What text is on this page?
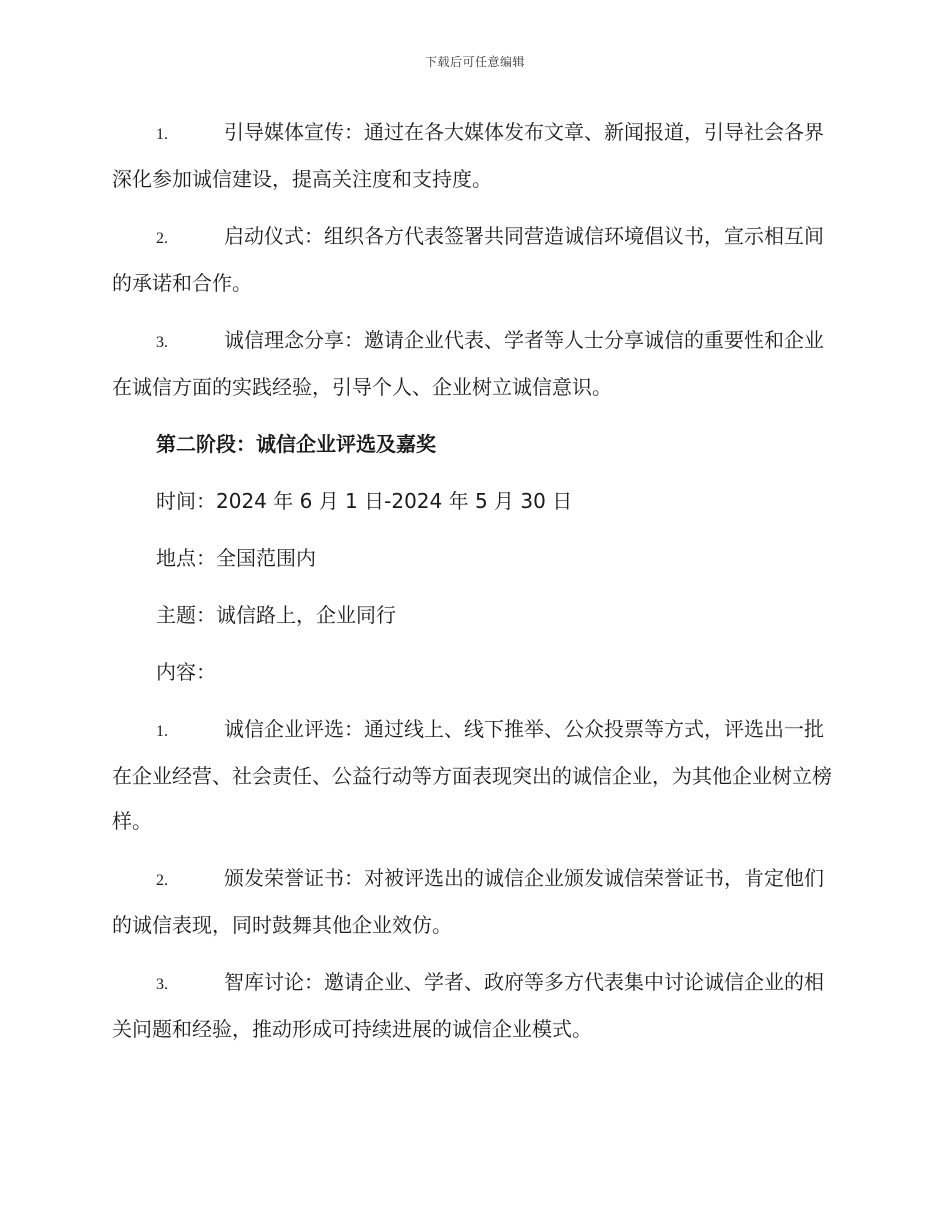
下载后可任意编辑

1.	引导媒体宣传：通过在各大媒体发布文章、新闻报道，引导社会各界深化参加诚信建设，提高关注度和支持度。

2.	启动仪式：组织各方代表签署共同营造诚信环境倡议书，宣示相互间的承诺和合作。

3.	诚信理念分享：邀请企业代表、学者等人士分享诚信的重要性和企业在诚信方面的实践经验，引导个人、企业树立诚信意识。

第二阶段：诚信企业评选及嘉奖

时间：2024 年 6 月 1 日-2024 年 5 月 30 日

地点：全国范围内

主题：诚信路上，企业同行

内容：

1.	诚信企业评选：通过线上、线下推举、公众投票等方式，评选出一批在企业经营、社会责任、公益行动等方面表现突出的诚信企业，为其他企业树立榜样。

2.	颁发荣誉证书：对被评选出的诚信企业颁发诚信荣誉证书，肯定他们的诚信表现，同时鼓舞其他企业效仿。

3.	智库讨论：邀请企业、学者、政府等多方代表集中讨论诚信企业的相关问题和经验，推动形成可持续进展的诚信企业模式。
